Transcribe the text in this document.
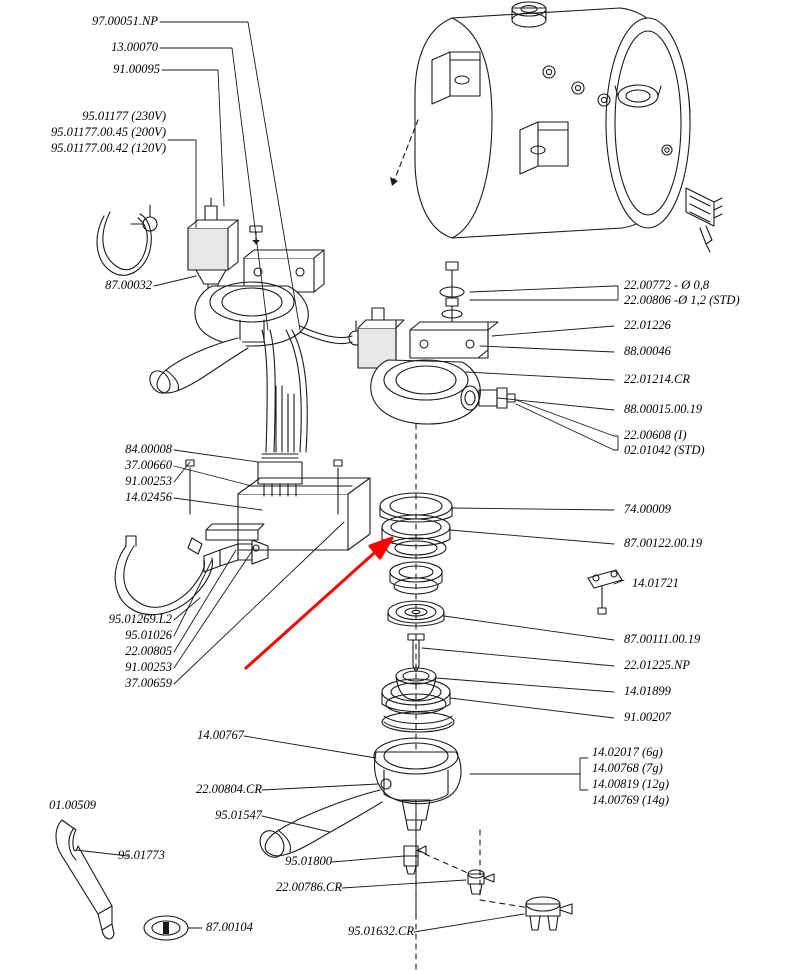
97.00051.NP
13.00070
91.00095
95.01177 (230V)
95.01177.00.45 (200V)
95.01177.00.42 (120V)
87.00032
84.00008
37.00660
91.00253
14.02456
95.01269.L2
95.01026
22.00805
91.00253
37.00659
22.00772 - Ø 0,8
22.00806 -Ø 1,2 (STD)
22.01226
88.00046
22.01214.CR
88.00015.00.19
22.00608 (I)
02.01042 (STD)
74.00009
87.00122.00.19
14.01721
87.00111.00.19
22.01225.NP
14.01899
91.00207
14.02017 (6g)
14.00768 (7g)
14.00819 (12g)
14.00769 (14g)
14.00767
22.00804.CR
95.01547
01.00509
95.01773
87.00104
95.01800
22.00786.CR
95.01632.CR
